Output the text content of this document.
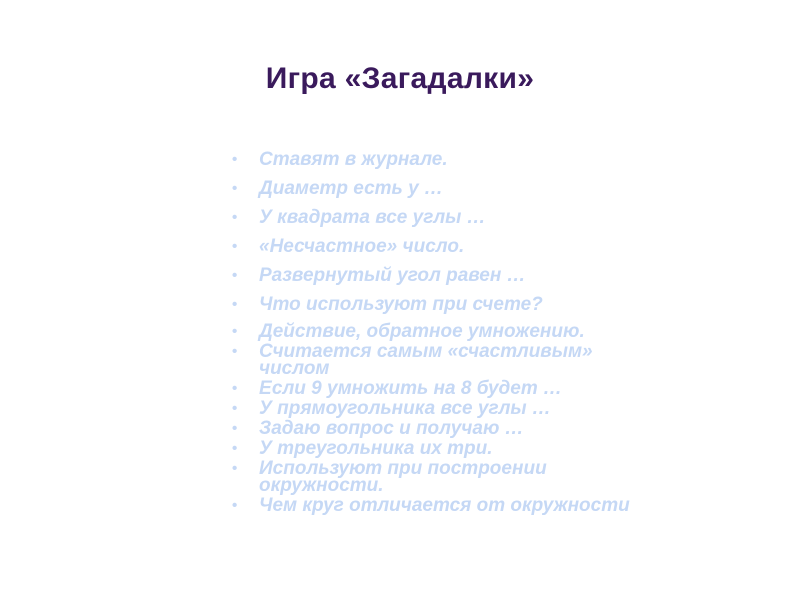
Игра «Загадалки»
• Ставят в журнале.
• Диаметр есть у …
• У квадрата все углы …
• «Несчастное» число.
• Развернутый угол равен …
• Что используют при счете?
• Действие, обратное умножению.
• Считается самым «счастливым» числом
• Если 9 умножить на 8 будет …
• У прямоугольника все углы …
• Задаю вопрос и получаю …
• У треугольника их три.
• Используют при построении окружности.
• Чем круг отличается от окружности
